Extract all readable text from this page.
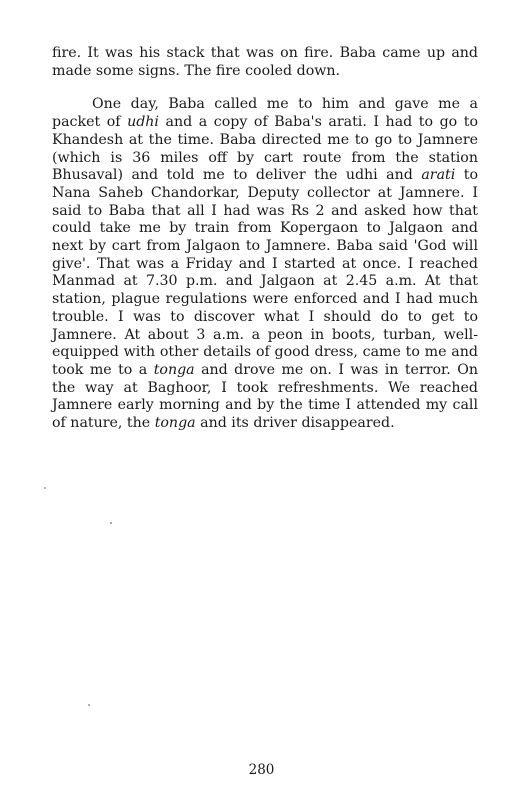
fire. It was his stack that was on fire. Baba came up and made some signs. The fire cooled down.

One day, Baba called me to him and gave me a packet of udhi and a copy of Baba's arati. I had to go to Khandesh at the time. Baba directed me to go to Jamnere (which is 36 miles off by cart route from the station Bhusaval) and told me to deliver the udhi and arati to Nana Saheb Chandorkar, Deputy collector at Jamnere. I said to Baba that all I had was Rs 2 and asked how that could take me by train from Kopergaon to Jalgaon and next by cart from Jalgaon to Jamnere. Baba said 'God will give'. That was a Friday and I started at once. I reached Manmad at 7.30 p.m. and Jalgaon at 2.45 a.m. At that station, plague regulations were enforced and I had much trouble. I was to discover what I should do to get to Jamnere. At about 3 a.m. a peon in boots, turban, well-equipped with other details of good dress, came to me and took me to a tonga and drove me on. I was in terror. On the way at Baghoor, I took refreshments. We reached Jamnere early morning and by the time I attended my call of nature, the tonga and its driver disappeared.

280
